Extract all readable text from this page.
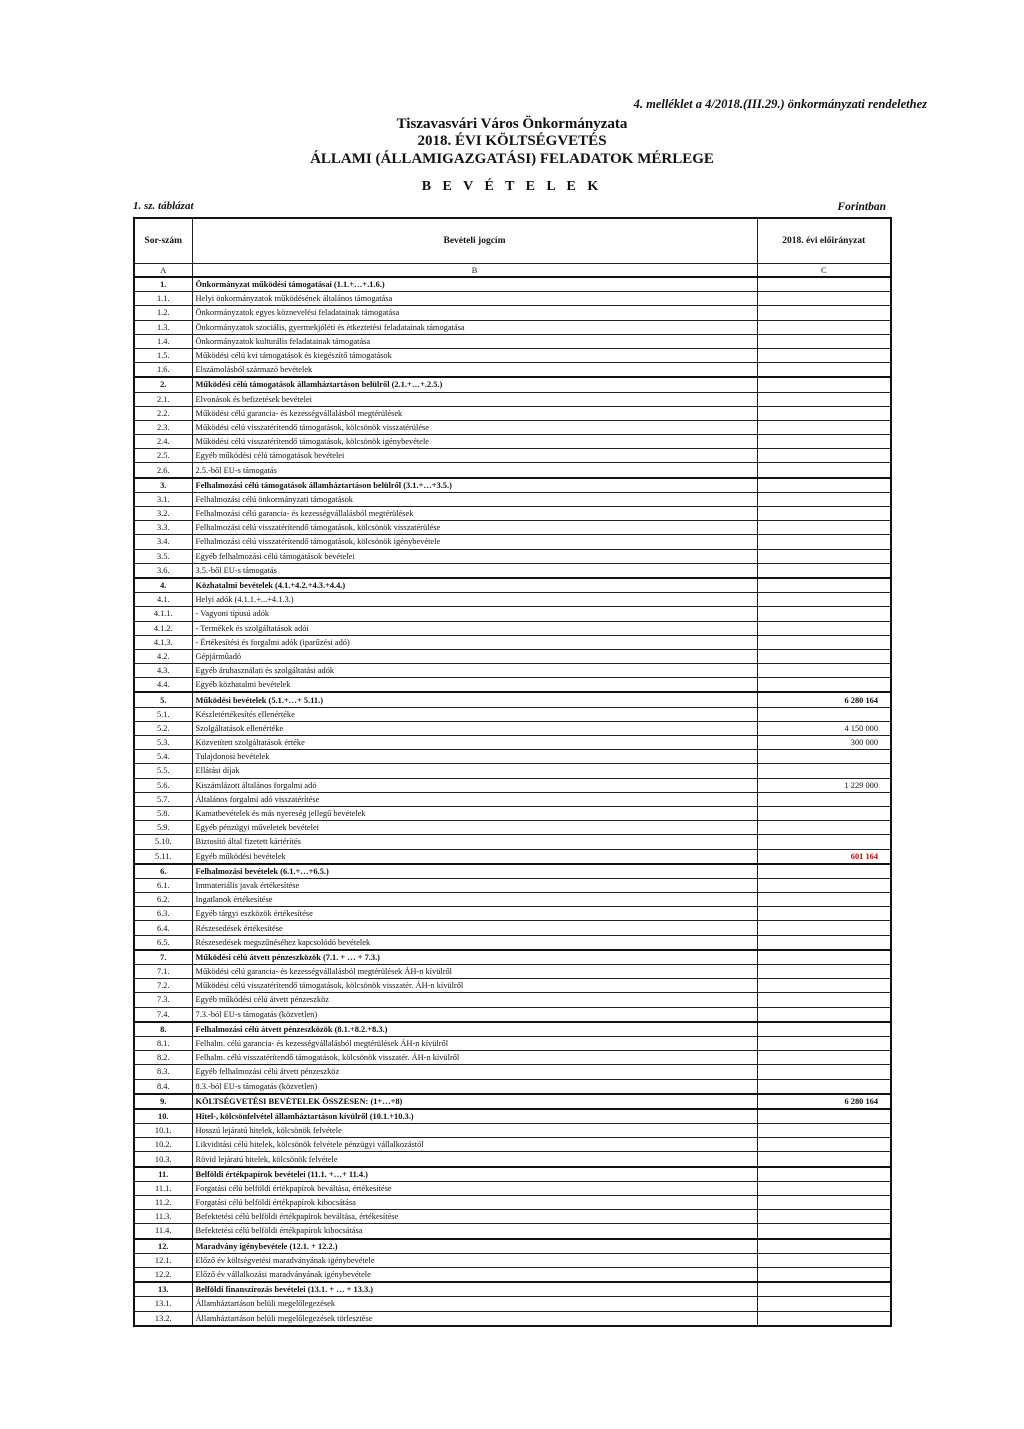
4. melléklet a 4/2018.(III.29.) önkormányzati rendelethez
Tiszavasvári Város Önkormányzata
2018. ÉVI KÖLTSÉGVETÉS
ÁLLAMI (ÁLLAMIGAZGATÁSI) FELADATOK MÉRLEGE
B E V É T E L E K
1. sz. táblázat	Forintban
Sor-szám	Bevételi jogcím	2018. évi előirányzat
A	B	C
1.	Önkormányzat működési támogatásai (1.1.+…+.1.6.)	
1.1.	Helyi önkormányzatok működésének általános támogatása	
1.2.	Önkormányzatok egyes köznevelési feladatainak támogatása	
1.3.	Önkormányzatok szociális, gyermekjóléti és étkeztetési feladatainak támogatása	
1.4.	Önkormányzatok kulturális feladatainak támogatása	
1.5.	Működési célú kvi támogatások és kiegészítő támogatások	
1.6.	Elszámolásból származó bevételek	
2.	Működési célú támogatások államháztartáson belülről (2.1.+…+.2.5.)	
2.1.	Elvonások és befizetések bevételei	
2.2.	Működési célú garancia- és kezességvállalásból megtérülések	
2.3.	Működési célú visszatérítendő támogatások, kölcsönök visszatérülése	
2.4.	Működési célú visszatérítendő támogatások, kölcsönök igénybevétele	
2.5.	Egyéb működési célú támogatások bevételei	
2.6.	2.5.-ből EU-s támogatás	
3.	Felhalmozási célú támogatások államháztartáson belülről (3.1.+…+3.5.)	
3.1.	Felhalmozási célú önkormányzati támogatások	
3.2.	Felhalmozási célú garancia- és kezességvállalásból megtérülések	
3.3.	Felhalmozási célú visszatérítendő támogatások, kölcsönök visszatérülése	
3.4.	Felhalmozási célú visszatérítendő támogatások, kölcsönök igénybevétele	
3.5.	Egyéb felhalmozási célú támogatások bevételei	
3.6.	3.5.-ből EU-s támogatás	
4.	Közhatalmi bevételek (4.1.+4.2.+4.3.+4.4.)	
4.1.	Helyi adók (4.1.1.+...+4.1.3.)	
4.1.1.	- Vagyoni típusú adók	
4.1.2.	- Termékek és szolgáltatások adói	
4.1.3.	- Értékesítési és forgalmi adók (iparűzési adó)	
4.2.	Gépjárműadó	
4.3.	Egyéb áruhasználati és szolgáltatási adók	
4.4.	Egyéb közhatalmi bevételek	
5.	Működési bevételek (5.1.+…+ 5.11.)	6 280 164
5.1.	Készletértékesítés ellenértéke	
5.2.	Szolgáltatások ellenértéke	4 150 000
5.3.	Közvetített szolgáltatások értéke	300 000
5.4.	Tulajdonosi bevételek	
5.5.	Ellátási díjak	
5.6.	Kiszámlázott általános forgalmi adó	1 229 000
5.7.	Általános forgalmi adó visszatérítése	
5.8.	Kamatbevételek és más nyereség jellegű bevételek	
5.9.	Egyéb pénzügyi műveletek bevételei	
5.10.	Biztosító által fizetett kártérítés	
5.11.	Egyéb működési bevételek	601 164
6.	Felhalmozási bevételek (6.1.+…+6.5.)	
6.1.	Immateriális javak értékesítése	
6.2.	Ingatlanok értékesítése	
6.3.	Egyéb tárgyi eszközök értékesítése	
6.4.	Részesedések értékesítése	
6.5.	Részesedések megszűnéséhez kapcsolódó bevételek	
7.	Működési célú átvett pénzeszközök (7.1. + … + 7.3.)	
7.1.	Működési célú garancia- és kezességvállalásból megtérülések ÁH-n kívülről	
7.2.	Működési célú visszatérítendő támogatások, kölcsönök visszatér. ÁH-n kívülről	
7.3.	Egyéb működési célú átvett pénzeszköz	
7.4.	7.3.-ból EU-s támogatás (közvetlen)	
8.	Felhalmozási célú átvett pénzeszközök (8.1.+8.2.+8.3.)	
8.1.	Felhalm. célú garancia- és kezességvállalásból megtérülések ÁH-n kívülről	
8.2.	Felhalm. célú visszatérítendő támogatások, kölcsönök visszatér. ÁH-n kívülről	
8.3.	Egyéb felhalmozási célú átvett pénzeszköz	
8.4.	8.3.-ból EU-s támogatás (közvetlen)	
9.	KÖLTSÉGVETÉSI BEVÉTELEK ÖSSZESEN: (1+…+8)	6 280 164
10.	Hitel-, kölcsönfelvétel államháztartáson kívülről (10.1.+10.3.)	
10.1.	Hosszú lejáratú hitelek, kölcsönök felvétele	
10.2.	Likviditási célú hitelek, kölcsönök felvétele pénzügyi vállalkozástól	
10.3.	Rövid lejáratú hitelek, kölcsönök felvétele	
11.	Belföldi értékpapírok bevételei (11.1. +…+ 11.4.)	
11.1.	Forgatási célú belföldi értékpapírok beváltása, értékesítése	
11.2.	Forgatási célú belföldi értékpapírok kibocsátása	
11.3.	Befektetési célú belföldi értékpapírok beváltása, értékesítése	
11.4.	Befektetési célú belföldi értékpapírok kibocsátása	
12.	Maradvány igénybevétele (12.1. + 12.2.)	
12.1.	Előző év költségvetési maradványának igénybevétele	
12.2.	Előző év vállalkozási maradványának igénybevétele	
13.	Belföldi finanszírozás bevételei (13.1. + … + 13.3.)	
13.1.	Államháztartáson belüli megelőlegezések	
13.2.	Államháztartáson belüli megelőlegezések törlesztése	
